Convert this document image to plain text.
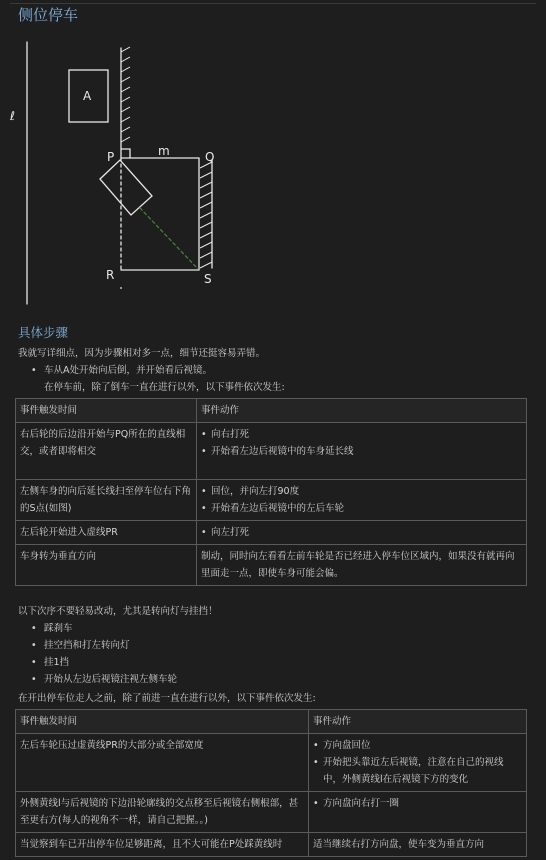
侧位停车
ℓ
A
P	m	Q
R	S
具体步骤

我就写详细点，因为步骤相对多一点，细节还挺容易弄错。

• 车从A处开始向后倒，并开始看后视镜。

在停车前，除了倒车一直在进行以外，以下事件依次发生:

事件触发时间	事件动作
右后轮的后边沿开始与PQ所在的直线相交，或者即将相交	• 向右打死
• 开始看左边后视镜中的车身延长线

左侧车身的向后延长线扫至停车位右下角的S点(如图)	• 回位，并向左打90度
• 开始看左边后视镜中的左后车轮

左后轮开始进入虚线PR	• 向左打死

车身转为垂直方向	制动，同时向左看看左前车轮是否已经进入停车位区域内，如果没有就再向里面走一点，即使车身可能会偏。

以下次序不要轻易改动，尤其是转向灯与挂挡！

• 踩刹车
• 挂空挡和打左转向灯
• 挂1挡
• 开始从左边后视镜注视左侧车轮

在开出停车位走人之前，除了前进一直在进行以外，以下事件依次发生:

事件触发时间	事件动作
左后车轮压过虚黄线PR的大部分或全部宽度	• 方向盘回位
• 开始把头靠近左后视镜，注意在自己的视线中，外侧黄线l在后视镜下方的变化

外侧黄线l与后视镜的下边沿轮廓线的交点移至后视镜右侧根部，甚至更右方(每人的视角不一样，请自己把握。。)	• 方向盘向右打一圈

当觉察到车已开出停车位足够距离，且不大可能在P处踩黄线时	适当继续右打方向盘，使车变为垂直方向
